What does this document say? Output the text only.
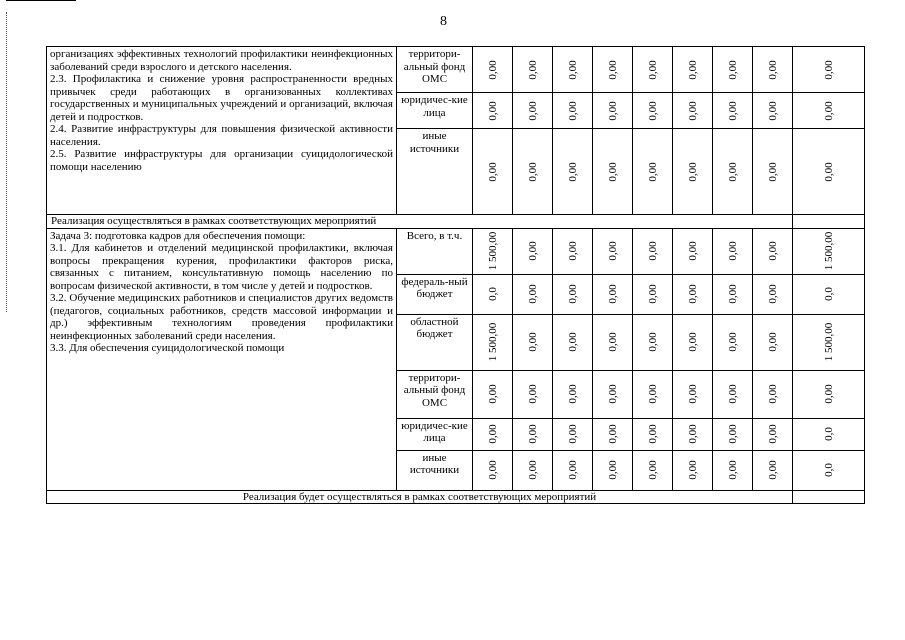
8

организациях эффективных технологий профилактики неинфекционных заболеваний среди взрослого и детского населения.

2.3. Профилактика и снижение уровня распространенности вредных привычек среди работающих в организованных коллективах государственных и муниципальных учреждений и организаций, включая детей и подростков.

2.4. Развитие инфраструктуры для повышения физической активности населения.

2.5. Развитие инфраструктуры для организации суицидологической помощи населению	территори-альный фонд ОМС	0,00	0,00	0,00	0,00	0,00	0,00	0,00	0,00	0,00

	юридичес-кие лица	0,00	0,00	0,00	0,00	0,00	0,00	0,00	0,00	0,00

	иные источники	0,00	0,00	0,00	0,00	0,00	0,00	0,00	0,00	0,00

Реализация осуществляться в рамках соответствующих мероприятий										

Задача 3: подготовка кадров для обеспечения помощи:

3.1. Для кабинетов и отделений медицинской профилактики, включая вопросы прекращения курения, профилактики факторов риска, связанных с питанием, консультативную помощь населению по вопросам физической активности, в том числе у детей и подростков.

3.2. Обучение медицинских работников и специалистов других ведомств (педагогов, социальных работников, средств массовой информации и др.) эффективным технологиям проведения профилактики неинфекционных заболеваний среди населения.

3.3. Для обеспечения суицидологической помощи	Всего, в т.ч.	1 500,00	0,00	0,00	0,00	0,00	0,00	0,00	0,00	1 500,00

	федераль-ный бюджет	0,0	0,00	0,00	0,00	0,00	0,00	0,00	0,00	0,0

	областной бюджет	1 500,00	0,00	0,00	0,00	0,00	0,00	0,00	0,00	1 500,00

	территори-альный фонд ОМС	0,00	0,00	0,00	0,00	0,00	0,00	0,00	0,00	0,00

	юридичес-кие лица	0,00	0,00	0,00	0,00	0,00	0,00	0,00	0,00	0,0

	иные источники	0,00	0,00	0,00	0,00	0,00	0,00	0,00	0,00	0,0

Реализация будет осуществляться в рамках соответствующих мероприятий										
